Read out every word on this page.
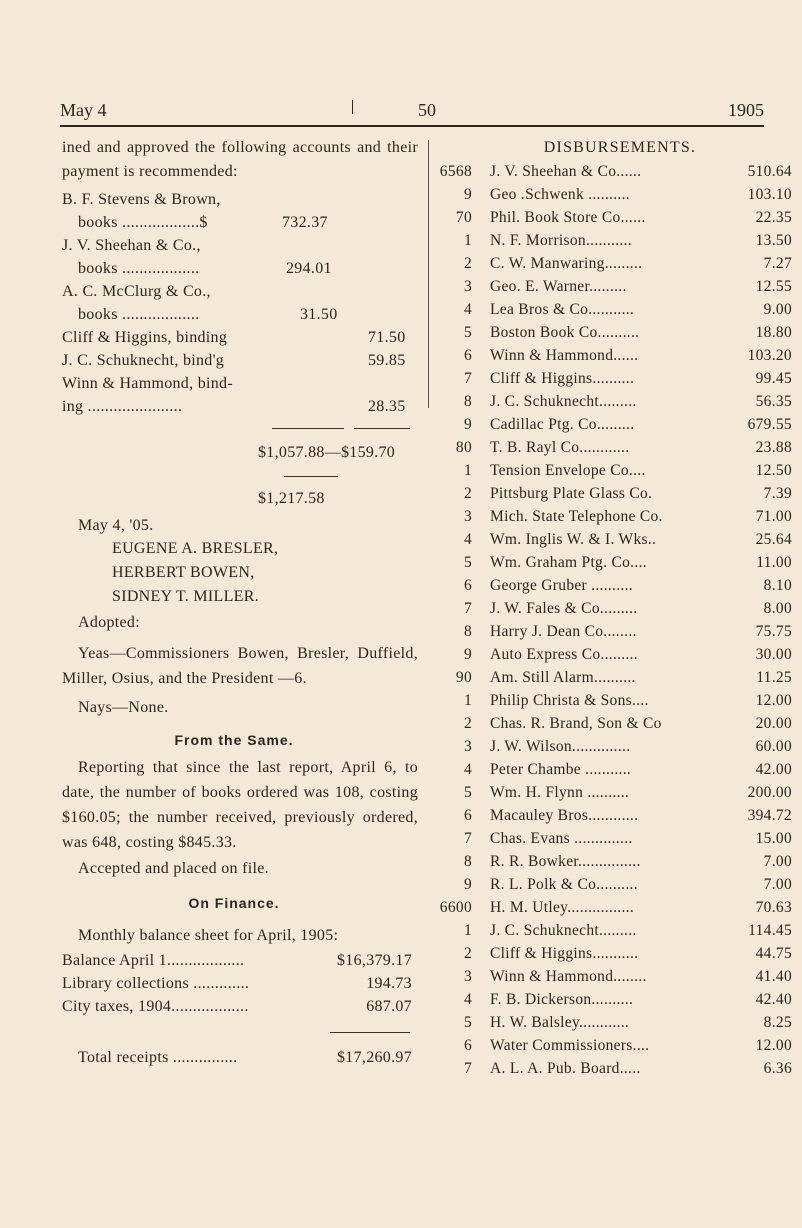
May 4	50	1905
ined and approved the following accounts and their payment is recommended:
B. F. Stevens & Brown,
books ..................$	732.37
J. V. Sheehan & Co.,
books ..................	294.01
A. C. McClurg & Co.,
books ..................	31.50
Cliff & Higgins, binding	71.50
J. C. Schuknecht, bind'g	59.85
Winn & Hammond, bind-
ing ......................	28.35
$1,057.88—$159.70
$1,217.58
May 4, '05.
EUGENE A. BRESLER,
HERBERT BOWEN,
SIDNEY T. MILLER.
Adopted:
Yeas—Commissioners Bowen, Bresler, Duffield, Miller, Osius, and the President —6.
Nays—None.
From the Same.
Reporting that since the last report, April 6, to date, the number of books ordered was 108, costing $160.05; the number received, previously ordered, was 648, costing $845.33.
Accepted and placed on file.
On Finance.
Monthly balance sheet for April, 1905:
Balance April 1..................	$16,379.17
Library collections .............	194.73
City taxes, 1904..................	687.07
Total receipts ...............	$17,260.97
DISBURSEMENTS.
6568 J. V. Sheehan & Co......	510.64
9 Geo .Schwenk ..........	103.10
70 Phil. Book Store Co......	22.35
1 N. F. Morrison...........	13.50
2 C. W. Manwaring.........	7.27
3 Geo. E. Warner.........	12.55
4 Lea Bros & Co...........	9.00
5 Boston Book Co..........	18.80
6 Winn & Hammond......	103.20
7 Cliff & Higgins..........	99.45
8 J. C. Schuknecht.........	56.35
9 Cadillac Ptg. Co.........	679.55
80 T. B. Rayl Co............	23.88
1 Tension Envelope Co....	12.50
2 Pittsburg Plate Glass Co.	7.39
3 Mich. State Telephone Co.	71.00
4 Wm. Inglis W. & I. Wks..	25.64
5 Wm. Graham Ptg. Co....	11.00
6 George Gruber ..........	8.10
7 J. W. Fales & Co.........	8.00
8 Harry J. Dean Co........	75.75
9 Auto Express Co.........	30.00
90 Am. Still Alarm..........	11.25
1 Philip Christa & Sons....	12.00
2 Chas. R. Brand, Son & Co	20.00
3 J. W. Wilson..............	60.00
4 Peter Chambe ...........	42.00
5 Wm. H. Flynn ..........	200.00
6 Macauley Bros............	394.72
7 Chas. Evans ..............	15.00
8 R. R. Bowker...............	7.00
9 R. L. Polk & Co..........	7.00
6600 H. M. Utley................	70.63
1 J. C. Schuknecht.........	114.45
2 Cliff & Higgins...........	44.75
3 Winn & Hammond........	41.40
4 F. B. Dickerson..........	42.40
5 H. W. Balsley............	8.25
6 Water Commissioners....	12.00
7 A. L. A. Pub. Board.....	6.36
